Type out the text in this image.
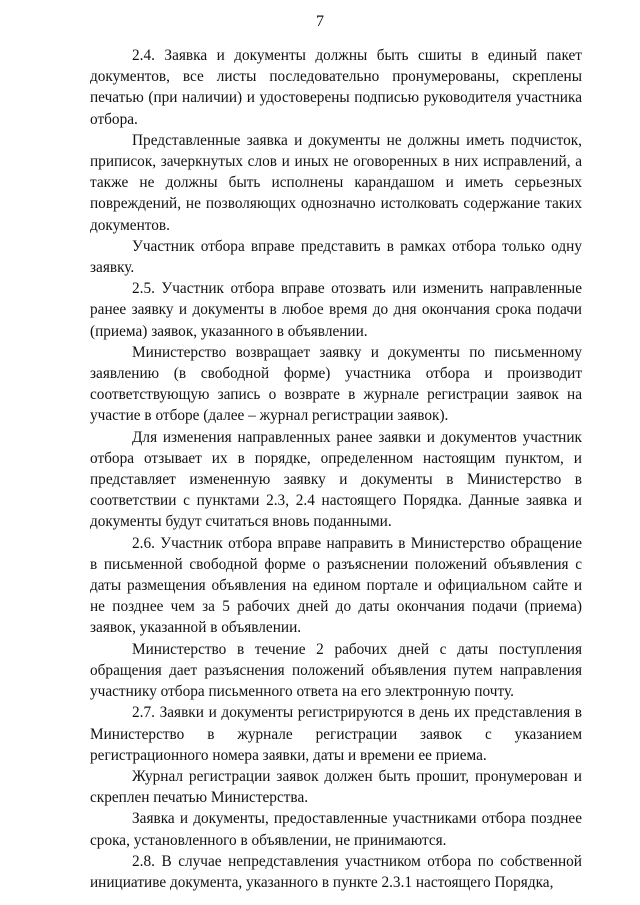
7

2.4. Заявка и документы должны быть сшиты в единый пакет документов, все листы последовательно пронумерованы, скреплены печатью (при наличии) и удостоверены подписью руководителя участника отбора.

Представленные заявка и документы не должны иметь подчисток, приписок, зачеркнутых слов и иных не оговоренных в них исправлений, а также не должны быть исполнены карандашом и иметь серьезных повреждений, не позволяющих однозначно истолковать содержание таких документов.

Участник отбора вправе представить в рамках отбора только одну заявку.

2.5. Участник отбора вправе отозвать или изменить направленные ранее заявку и документы в любое время до дня окончания срока подачи (приема) заявок, указанного в объявлении.

Министерство возвращает заявку и документы по письменному заявлению (в свободной форме) участника отбора и производит соответствующую запись о возврате в журнале регистрации заявок на участие в отборе (далее – журнал регистрации заявок).

Для изменения направленных ранее заявки и документов участник отбора отзывает их в порядке, определенном настоящим пунктом, и представляет измененную заявку и документы в Министерство в соответствии с пунктами 2.3, 2.4 настоящего Порядка. Данные заявка и документы будут считаться вновь поданными.

2.6. Участник отбора вправе направить в Министерство обращение в письменной свободной форме о разъяснении положений объявления с даты размещения объявления на едином портале и официальном сайте и не позднее чем за 5 рабочих дней до даты окончания подачи (приема) заявок, указанной в объявлении.

Министерство в течение 2 рабочих дней с даты поступления обращения дает разъяснения положений объявления путем направления участнику отбора письменного ответа на его электронную почту.

2.7. Заявки и документы регистрируются в день их представления в Министерство в журнале регистрации заявок с указанием регистрационного номера заявки, даты и времени ее приема.

Журнал регистрации заявок должен быть прошит, пронумерован и скреплен печатью Министерства.

Заявка и документы, предоставленные участниками отбора позднее срока, установленного в объявлении, не принимаются.

2.8. В случае непредставления участником отбора по собственной инициативе документа, указанного в пункте 2.3.1 настоящего Порядка,
